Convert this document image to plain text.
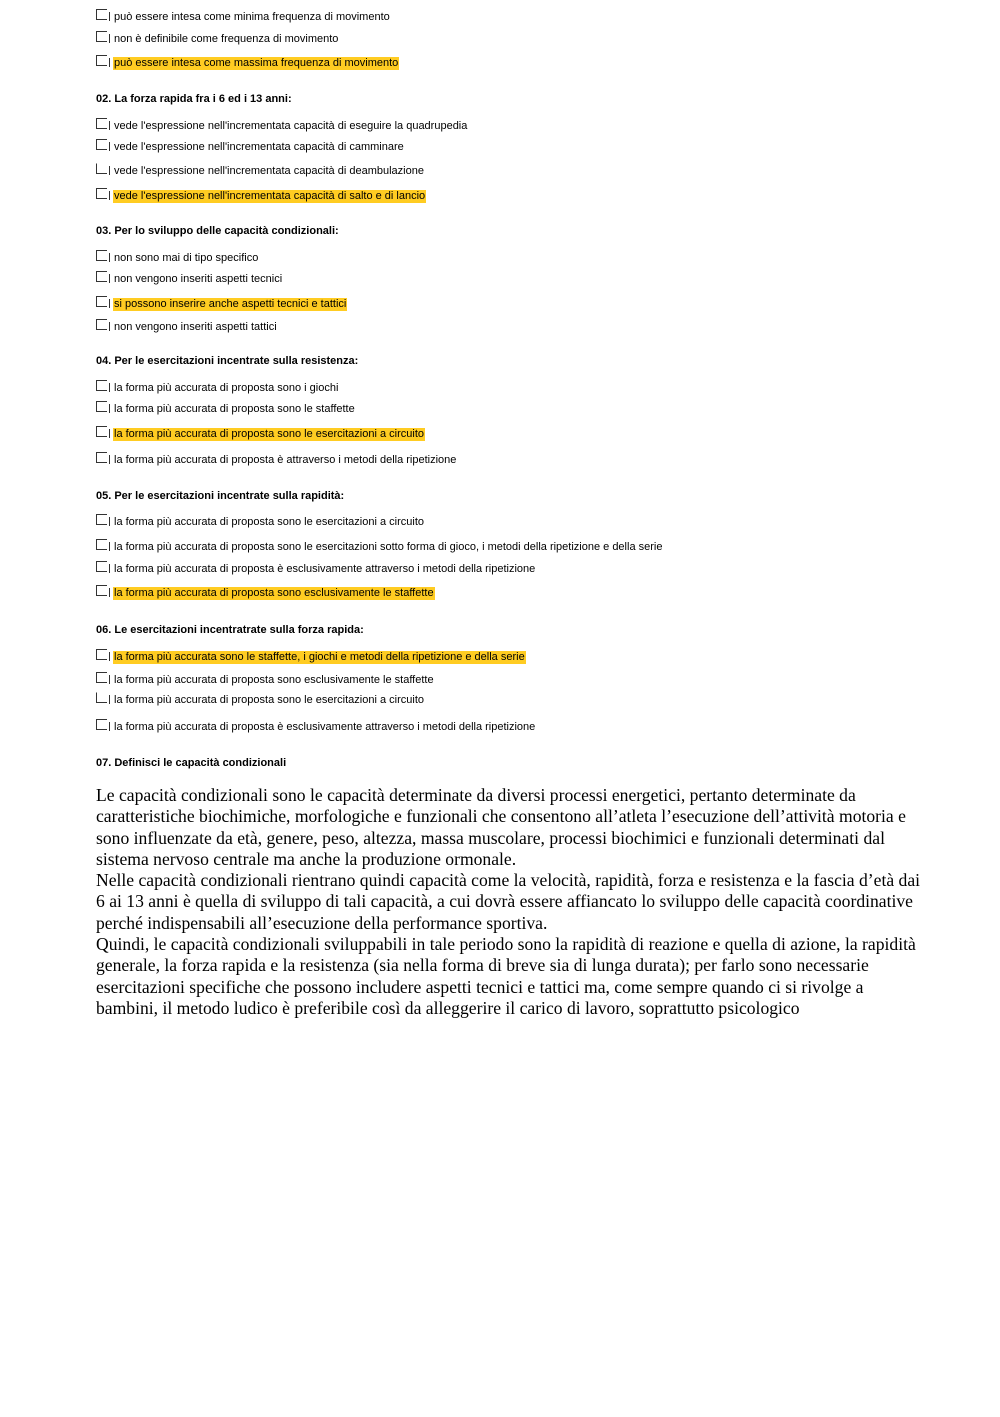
può essere intesa come minima frequenza di movimento
non è definibile come frequenza di movimento
può essere intesa come massima frequenza di movimento
02. La forza rapida fra i 6 ed i 13 anni:
vede l'espressione nell'incrementata capacità di eseguire la quadrupedia
vede l'espressione nell'incrementata capacità di camminare
vede l'espressione nell'incrementata capacità di deambulazione
vede l'espressione nell'incrementata capacità di salto e di lancio
03. Per lo sviluppo delle capacità condizionali:
non sono mai di tipo specifico
non vengono inseriti aspetti tecnici
si possono inserire anche aspetti tecnici e tattici
non vengono inseriti aspetti tattici
04. Per le esercitazioni incentrate sulla resistenza:
la forma più accurata di proposta sono i giochi
la forma più accurata di proposta sono le staffette
la forma più accurata di proposta sono le esercitazioni a circuito
la forma più accurata di proposta è attraverso i metodi della ripetizione
05. Per le esercitazioni incentrate sulla rapidità:
la forma più accurata di proposta sono le esercitazioni a circuito
la forma più accurata di proposta sono le esercitazioni sotto forma di gioco, i metodi della ripetizione e della serie
la forma più accurata di proposta è esclusivamente attraverso i metodi della ripetizione
la forma più accurata di proposta sono esclusivamente le staffette
06. Le esercitazioni incentratrate sulla forza rapida:
la forma più accurata sono le staffette, i giochi e metodi della ripetizione e della serie
la forma più accurata di proposta sono esclusivamente le staffette
la forma più accurata di proposta sono le esercitazioni a circuito
la forma più accurata di proposta è esclusivamente attraverso i metodi della ripetizione
07. Definisci le capacità condizionali

Le capacità condizionali sono le capacità determinate da diversi processi energetici, pertanto determinate da caratteristiche biochimiche, morfologiche e funzionali che consentono all’atleta l’esecuzione dell’attività motoria e sono influenzate da età, genere, peso, altezza, massa muscolare, processi biochimici e funzionali determinati dal sistema nervoso centrale ma anche la produzione ormonale.

Nelle capacità condizionali rientrano quindi capacità come la velocità, rapidità, forza e resistenza e la fascia d’età dai 6 ai 13 anni è quella di sviluppo di tali capacità, a cui dovrà essere affiancato lo sviluppo delle capacità coordinative perché indispensabili all’esecuzione della performance sportiva.

Quindi, le capacità condizionali sviluppabili in tale periodo sono la rapidità di reazione e quella di azione, la rapidità generale, la forza rapida e la resistenza (sia nella forma di breve sia di lunga durata); per farlo sono necessarie esercitazioni specifiche che possono includere aspetti tecnici e tattici ma, come sempre quando ci si rivolge a bambini, il metodo ludico è preferibile così da alleggerire il carico di lavoro, soprattutto psicologico
